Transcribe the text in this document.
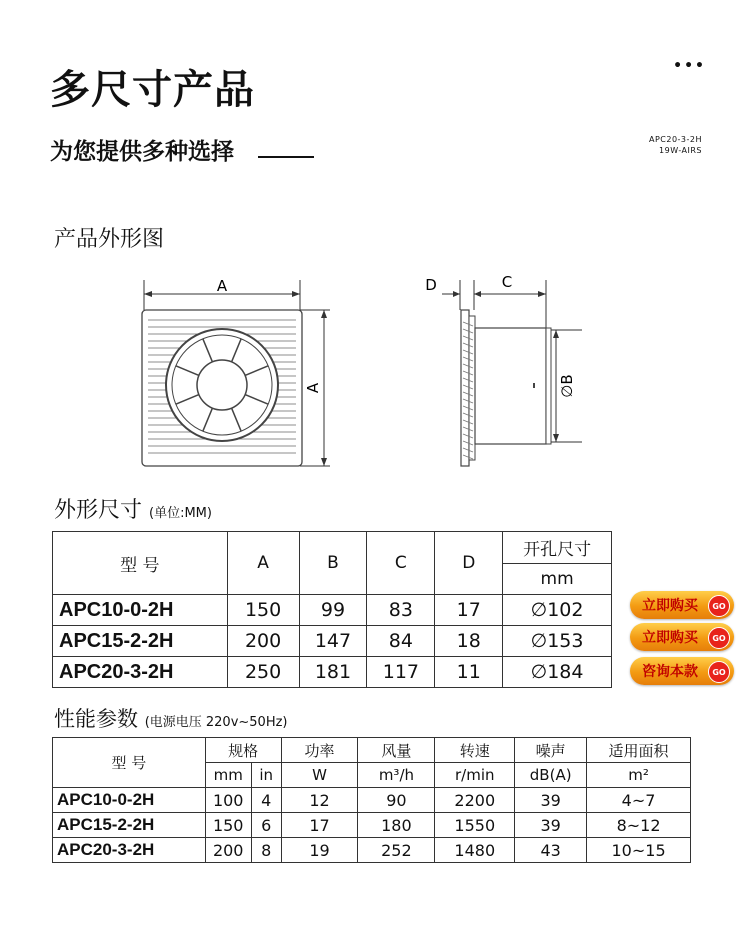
多尺寸产品
•••
为您提供多种选择	APC20-3-2H
19W-AIRS
产品外形图
A
A
D	C
∅B
外形尺寸 (单位:MM)
型 号	A	B	C	D	开孔尺寸
					mm
APC10-0-2H	150	99	83	17	∅102
APC15-2-2H	200	147	84	18	∅153
APC20-3-2H	250	181	117	11	∅184
立即购买	GO
立即购买	GO
咨询本款	GO
性能参数 (电源电压 220v~50Hz)
型 号	规格		功率	风量	转速	噪声	适用面积
	mm	in	W	m³/h	r/min	dB(A)	m²
APC10-0-2H	100	4	12	90	2200	39	4~7
APC15-2-2H	150	6	17	180	1550	39	8~12
APC20-3-2H	200	8	19	252	1480	43	10~15
